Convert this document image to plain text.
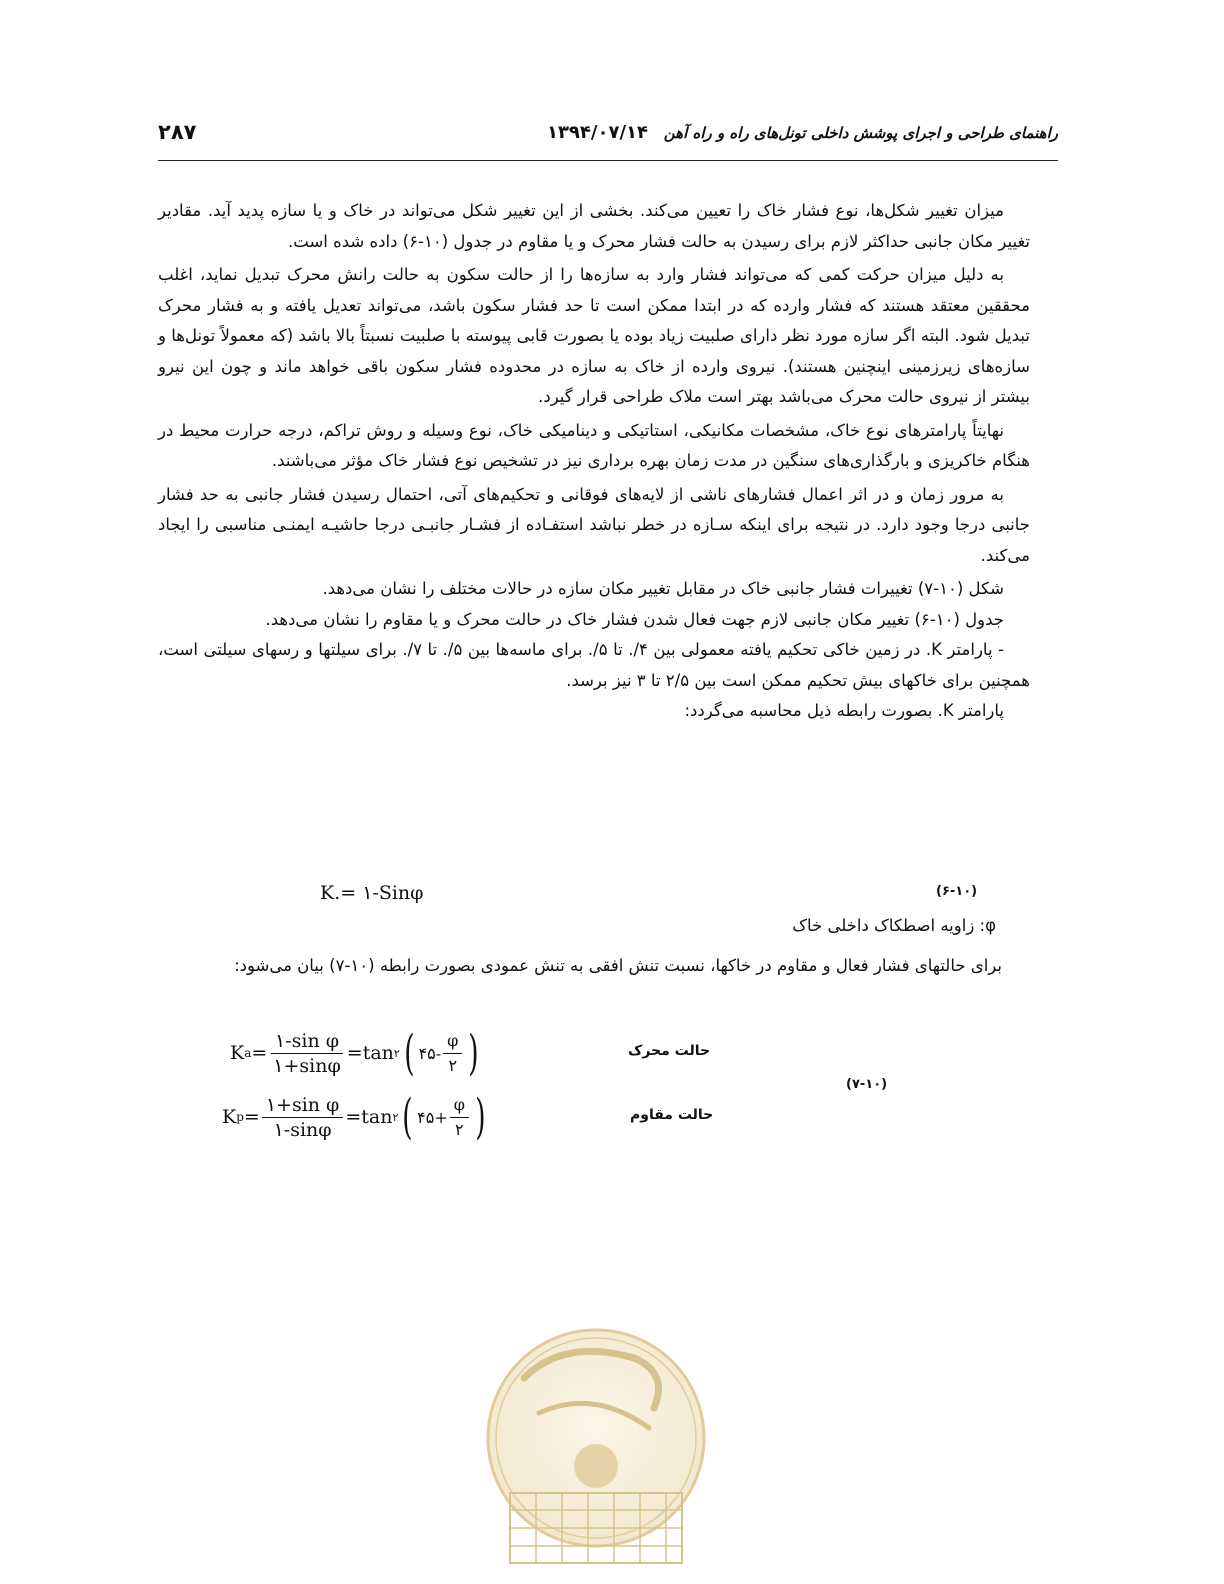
راهنمای طراحی و اجرای پوشش داخلی تونل‌های راه و راه آهن
۱۳۹۴/۰۷/۱۴
۲۸۷

میزان تغییر شکل‌ها، نوع فشار خاک را تعیین می‌کند. بخشی از این تغییر شکل می‌تواند در خاک و یا سازه پدید آید. مقادیر تغییر مکان جانبی حداکثر لازم برای رسیدن به حالت فشار محرک و یا مقاوم در جدول (۱۰-۶) داده شده است.

به دلیل میزان حرکت کمی که می‌تواند فشار وارد به سازه‌ها را از حالت سکون به حالت رانش محرک تبدیل نماید، اغلب محققین معتقد هستند که فشار وارده که در ابتدا ممکن است تا حد فشار سکون باشد، می‌تواند تعدیل یافته و به فشار محرک تبدیل شود. البته اگر سازه مورد نظر دارای صلبیت زیاد بوده یا بصورت قابی پیوسته با صلبیت نسبتاً بالا باشد (که معمولاً تونل‌ها و سازه‌های زیرزمینی اینچنین هستند). نیروی وارده از خاک به سازه در محدوده فشار سکون باقی خواهد ماند و چون این نیرو بیشتر از نیروی حالت محرک می‌باشد بهتر است ملاک طراحی قرار گیرد.

نهایتاً پارامترهای نوع خاک، مشخصات مکانیکی، استاتیکی و دینامیکی خاک، نوع وسیله و روش تراکم، درجه حرارت محیط در هنگام خاکریزی و بارگذاری‌های سنگین در مدت زمان بهره برداری نیز در تشخیص نوع فشار خاک مؤثر می‌باشند.

به مرور زمان و در اثر اعمال فشارهای ناشی از لایه‌های فوقانی و تحکیم‌های آتی، احتمال رسیدن فشار جانبی به حد فشار جانبی درجا وجود دارد. در نتیجه برای اینکه سـازه در خطر نباشد استفـاده از فشـار جانبـی درجا حاشیـه ایمنـی مناسبی را ایجاد می‌کند.

شکل (۱۰-۷) تغییرات فشار جانبی خاک در مقابل تغییر مکان سازه در حالات مختلف را نشان می‌دهد.

جدول (۱۰-۶) تغییر مکان جانبی لازم جهت فعال شدن فشار خاک در حالت محرک و یا مقاوم را نشان می‌دهد.

- پارامتر K. در زمین خاکی تحکیم یافته معمولی بین ۴/. تا ۵/. برای ماسه‌ها بین ۵/. تا ۷/. برای سیلتها و رسهای سیلتی است، همچنین برای خاکهای بیش تحکیم ممکن است بین ۲/۵ تا ۳ نیز برسد.

پارامتر K. بصورت رابطه ذیل محاسبه می‌گردد:

K.= ۱-Sinφ	(۶-۱۰)
φ: زاویه اصطکاک داخلی خاک
برای حالتهای فشار فعال و مقاوم در خاکها، نسبت تنش افقی به تنش عمودی بصورت رابطه (۱۰-۷) بیان می‌شود:
K $a = \frac{\text{۱-sin φ}}{۱+\sin\varphi} =\tan$ ۲ ( ۴۵- $\frac{\varphi}{۲}$ )	حالت محرک
K $p = \frac{\text{۱+sin φ}}{۱-\sin\varphi} =\tan$ ۲ ( ۴۵+ $\frac{\varphi}{۲}$ )	حالت مقاوم
(۷-۱۰)
